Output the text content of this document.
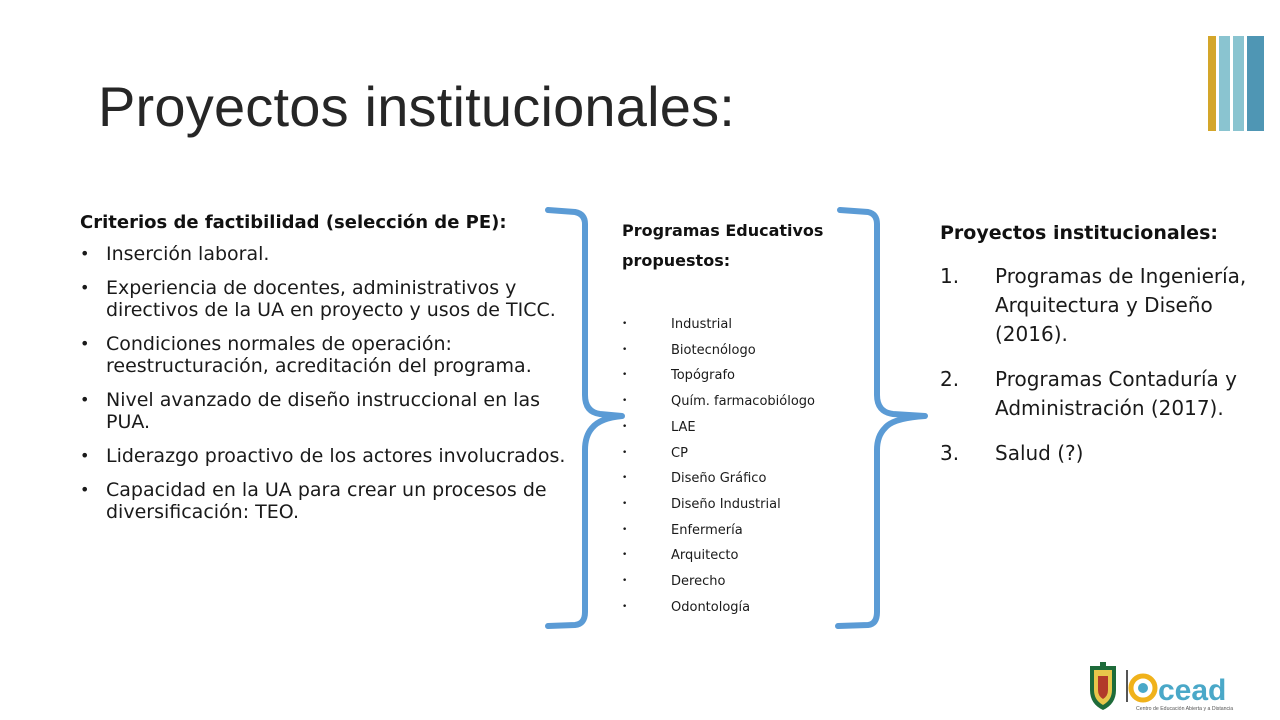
Proyectos institucionales:
Criterios de factibilidad (selección de PE):
• Inserción laboral.
• Experiencia de docentes, administrativos y directivos de la UA en proyecto y usos de TICC.
• Condiciones normales de operación: reestructuración, acreditación del programa.
• Nivel avanzado de diseño instruccional en las PUA.
• Liderazgo proactivo de los actores involucrados.
• Capacidad en la UA para crear un procesos de diversificación: TEO.
Programas Educativos propuestos:
•	Industrial
•	Biotecnólogo
•	Topógrafo
•	Quím. farmacobiólogo
•	LAE
•	CP
•	Diseño Gráfico
•	Diseño Industrial
•	Enfermería
•	Arquitecto
•	Derecho
•	Odontología
Proyectos institucionales:
1. Programas de Ingeniería, Arquitectura y Diseño (2016).
2. Programas Contaduría y Administración (2017).
3. Salud (?)
cead
Centro de Educación Abierta y a Distancia
